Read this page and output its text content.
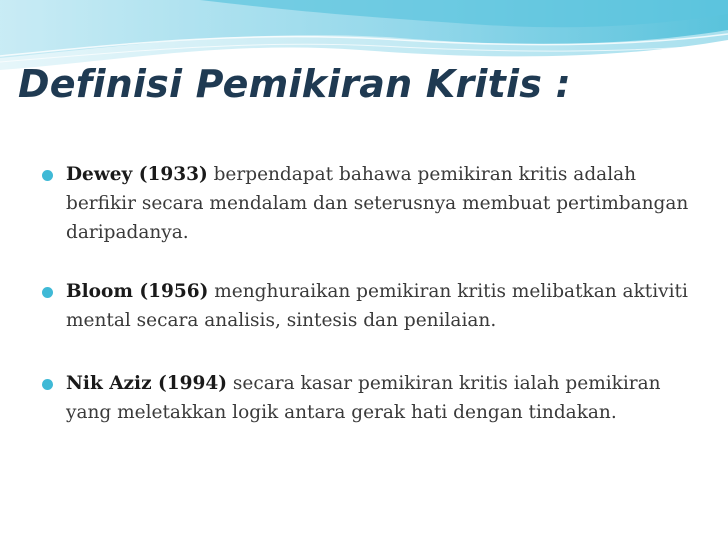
Definisi Pemikiran Kritis :
Dewey (1933) berpendapat bahawa pemikiran kritis adalah berfikir secara mendalam dan seterusnya membuat pertimbangan daripadanya.
Bloom (1956) menghuraikan pemikiran kritis melibatkan aktiviti mental secara analisis, sintesis dan penilaian.
Nik Aziz (1994) secara kasar pemikiran kritis ialah pemikiran yang meletakkan logik antara gerak hati dengan tindakan.
